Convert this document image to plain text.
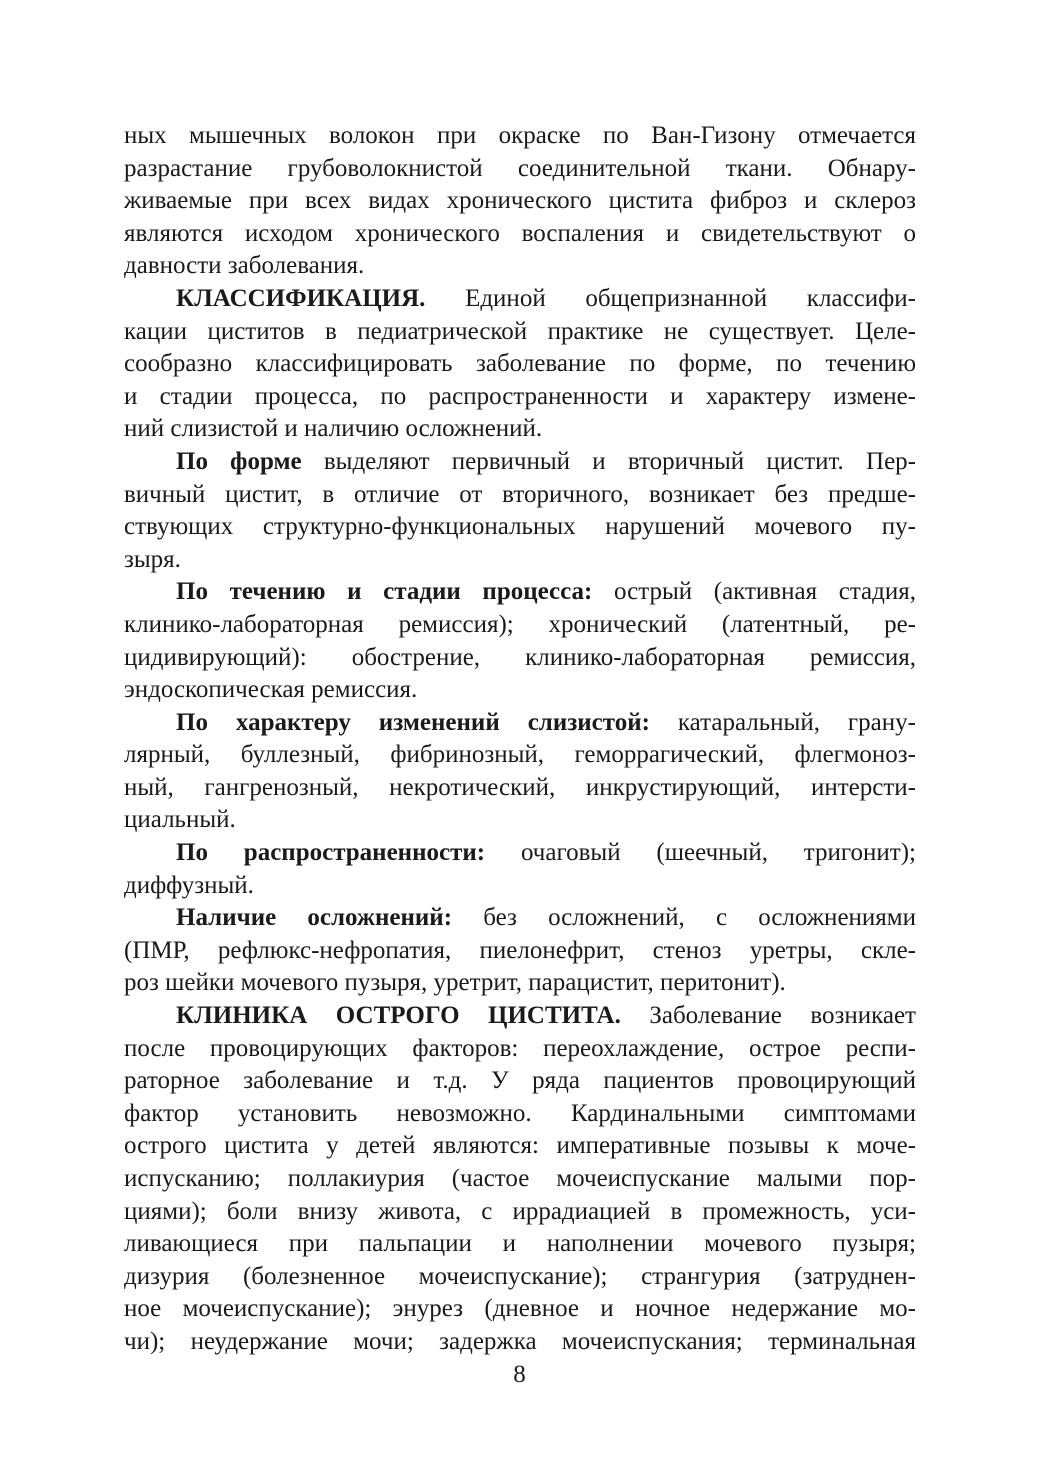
ных мышечных волокон при окраске по Ван-Гизону отмечается
разрастание грубоволокнистой соединительной ткани. Обнару-
живаемые при всех видах хронического цистита фиброз и склероз
являются исходом хронического воспаления и свидетельствуют о
давности заболевания.
КЛАССИФИКАЦИЯ. Единой общепризнанной классифи-
кации циститов в педиатрической практике не существует. Целе-
сообразно классифицировать заболевание по форме, по течению
и стадии процесса, по распространенности и характеру измене-
ний слизистой и наличию осложнений.
По форме выделяют первичный и вторичный цистит. Пер-
вичный цистит, в отличие от вторичного, возникает без предше-
ствующих структурно-функциональных нарушений мочевого пу-
зыря.
По течению и стадии процесса: острый (активная стадия,
клинико-лабораторная ремиссия); хронический (латентный, ре-
цидивирующий): обострение, клинико-лабораторная ремиссия,
эндоскопическая ремиссия.
По характеру изменений слизистой: катаральный, грану-
лярный, буллезный, фибринозный, геморрагический, флегмоноз-
ный, гангренозный, некротический, инкрустирующий, интерсти-
циальный.
По распространенности: очаговый (шеечный, тригонит);
диффузный.
Наличие осложнений: без осложнений, с осложнениями
(ПМР, рефлюкс-нефропатия, пиелонефрит, стеноз уретры, скле-
роз шейки мочевого пузыря, уретрит, парацистит, перитонит).
КЛИНИКА ОСТРОГО ЦИСТИТА. Заболевание возникает
после провоцирующих факторов: переохлаждение, острое респи-
раторное заболевание и т.д. У ряда пациентов провоцирующий
фактор установить невозможно. Кардинальными симптомами
острого цистита у детей являются: императивные позывы к моче-
испусканию; поллакиурия (частое мочеиспускание малыми пор-
циями); боли внизу живота, с иррадиацией в промежность, уси-
ливающиеся при пальпации и наполнении мочевого пузыря;
дизурия (болезненное мочеиспускание); странгурия (затруднен-
ное мочеиспускание); энурез (дневное и ночное недержание мо-
чи); неудержание мочи; задержка мочеиспускания; терминальная
8
